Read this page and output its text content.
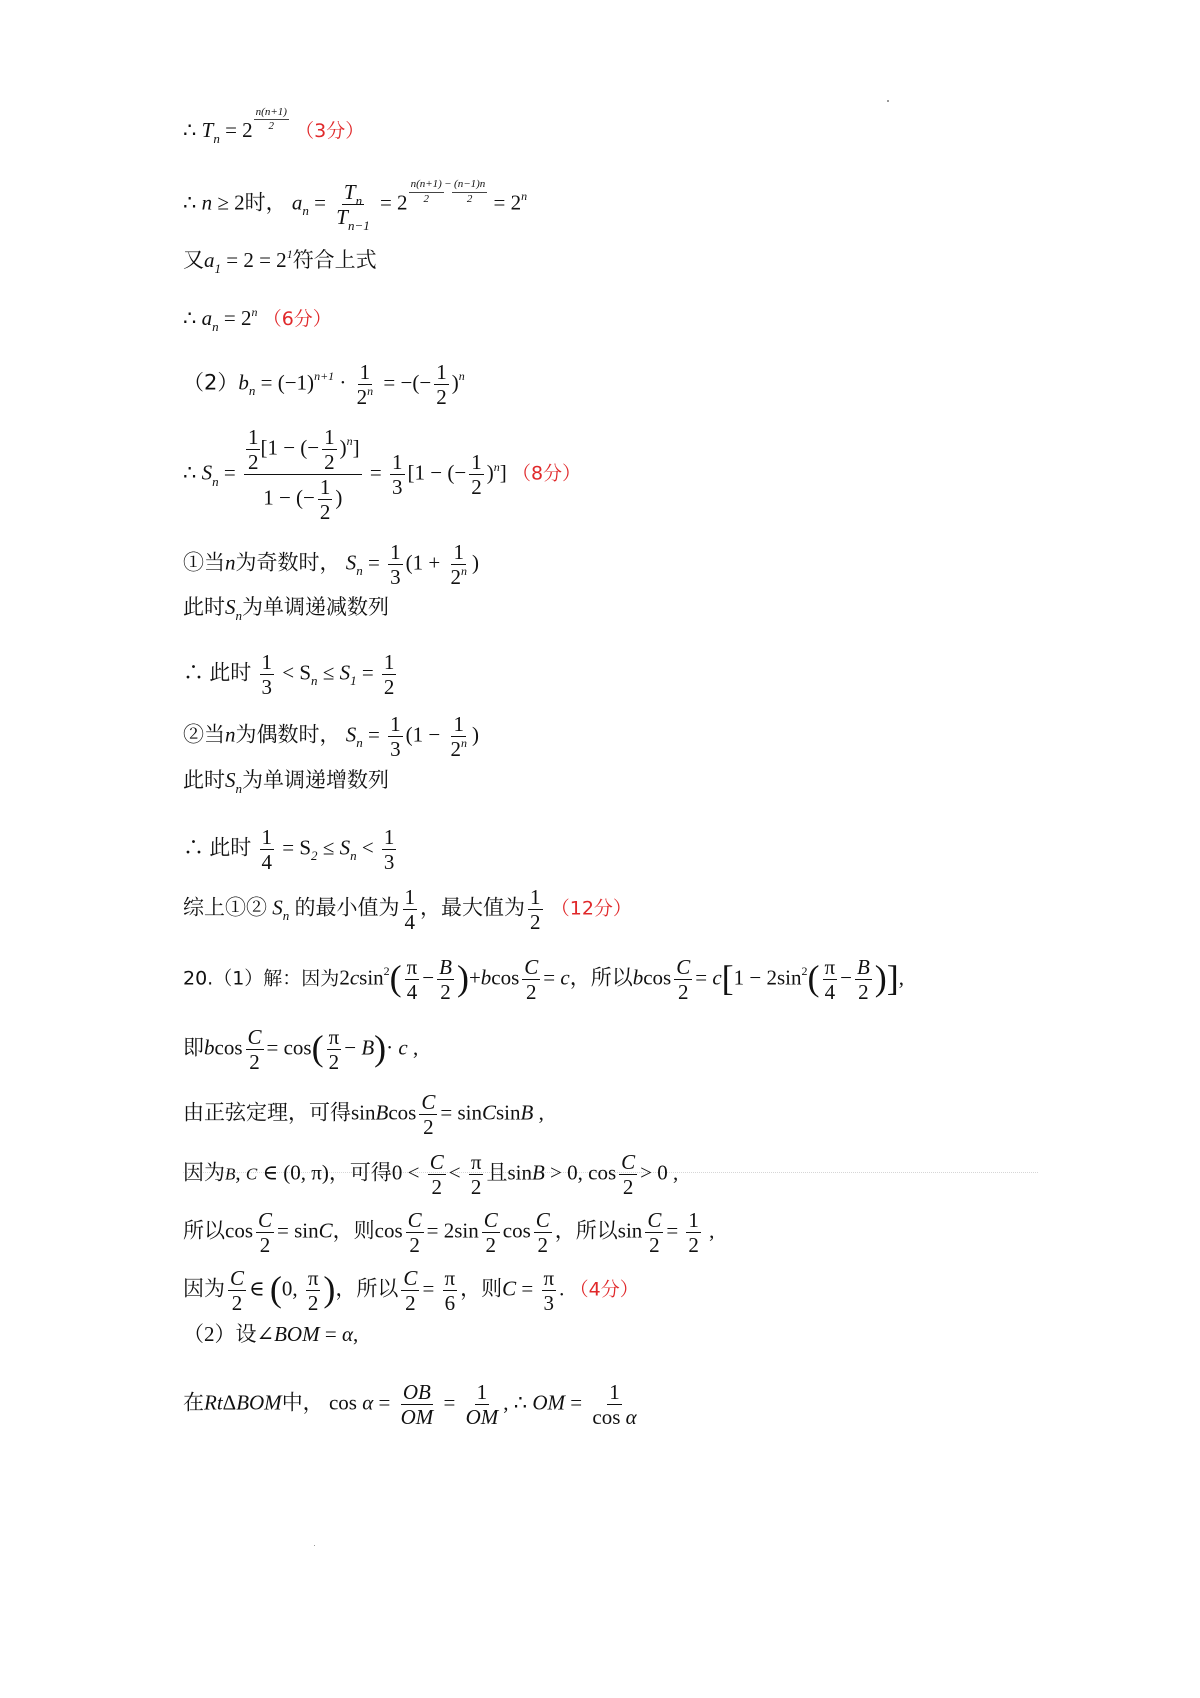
∴ $T_n = 2 \frac{n(n+1)}{2} (3$分）
∴ n ≥ 2时， $a_n = \frac{T_n}{T_{n-1}} = 2 \frac{n(n+1)}{2} ^- \frac{(n-1)n}{2} = 2^n$
又$a_1 = 2 = 2^1$符合上式
∴ $a_n = 2^n$ （6分）
$(2)b_n = (-1)^{n+1} \cdot \frac{1}{2^n}$ = −(− $\frac{1}{2} )^n$
∴ $S_n = \frac{\frac{1}{2} [1 - (- \frac{1}{2} )^n]}{1 - (- \frac{1}{2} )} = \frac{1}{3} [1$ − (− $\frac{1}{2} )^n$] （8分）
①当n为奇数时， $S_n = \frac{1}{3} (1 + \frac{1}{2^n}$ )
此时$S_n$为单调递减数列
∴ 此时 $\frac{1}{3} < S_n \le S_1 = \frac{1}{2}$
②当n为偶数时， $S_n = \frac{1}{3} (1 - \frac{1}{2^n}$ )
此时$S_n$为单调递增数列
∴ 此时 $\frac{1}{4} = S_2 \le S_n < \frac{1}{3}$
综上①② $S_n$ 的最小值为 $\frac{1}{4}$ ，最大值为 $\frac{1}{2} (12$分）
20.（1）解：因为$2csin^2( \frac{\pi}{4} - \frac{B}{2} )+bcos \frac{C}{2} = c$，所以bcos $\frac{C}{2} = c[1 - 2\sin^2( \frac{\pi}{4} - \frac{B}{2}$ )],
即bcos $\frac{C}{2} = \cos( \frac{\pi}{2} - B)\cdot c$ ,
由正弦定理，可得sinBcos $\frac{C}{2}$ = sinCsinB ,
因为B, C ∈ (0, π)，可得$0 < \frac{C}{2} < \frac{\pi}{2}$ 且sinB > 0, $\cos \frac{C}{2} > 0$ ,
所以$\cos \frac{C}{2} = \sin C$，则$\cos \frac{C}{2} = 2\sin \frac{C}{2}$ $\cos \frac{C}{2}$ ，所以$\sin \frac{C}{2} = \frac{1}{2}$ ,
因为 $\frac{C}{2}$ ∈ (0, $\frac{\pi}{2}$ )，所以 $\frac{C}{2} = \frac{\pi}{6}$ ，则$C = \frac{\pi}{3}$ . （4分）
（2）设∠BOM = α,
在RtΔBOM中， $\cos \alpha = \frac{OB}{OM} = \frac{1}{OM}$ , ∴ OM = $\frac{1}{\text{cos α}}$
